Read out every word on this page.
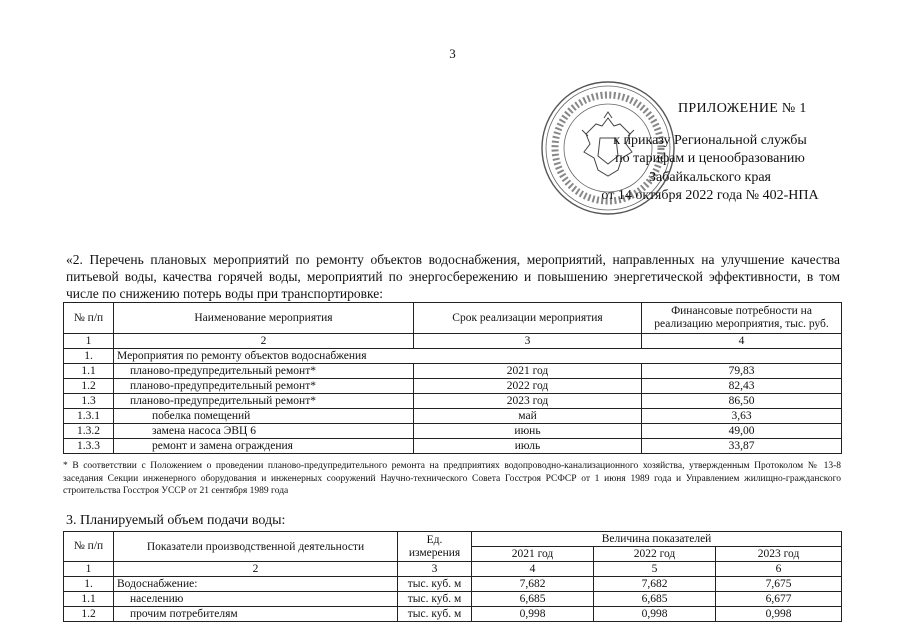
3
ПРИЛОЖЕНИЕ № 1
к приказу Региональной службы
по тарифам и ценообразованию
Забайкальского края
от 14 октября 2022 года № 402-НПА
«2. Перечень плановых мероприятий по ремонту объектов водоснабжения, мероприятий, направленных на улучшение качества питьевой воды, качества горячей воды, мероприятий по энергосбережению и повышению энергетической эффективности, в том числе по снижению потерь воды при транспортировке:
№ п/п	Наименование мероприятия	Срок реализации мероприятия	Финансовые потребности на реализацию мероприятия, тыс. руб.
1	2	3	4
1.	Мероприятия по ремонту объектов водоснабжения		
1.1	планово-предупредительный ремонт*	2021 год	79,83
1.2	планово-предупредительный ремонт*	2022 год	82,43
1.3	планово-предупредительный ремонт*	2023 год	86,50
1.3.1	побелка помещений	май	3,63
1.3.2	замена насоса ЭВЦ 6	июнь	49,00
1.3.3	ремонт и замена ограждения	июль	33,87
* В соответствии с Положением о проведении планово-предупредительного ремонта на предприятиях водопроводно-канализационного хозяйства, утвержденным Протоколом № 13-8 заседания Секции инженерного оборудования и инженерных сооружений Научно-технического Совета Госстроя РСФСР от 1 июня 1989 года и Управлением жилищно-гражданского строительства Госстроя УССР от 21 сентября 1989 года
3. Планируемый объем подачи воды:
№ п/п	Показатели производственной деятельности	Ед. измерения	Величина показателей		
			2021 год	2022 год	2023 год
1	2	3	4	5	6
1.	Водоснабжение:	тыс. куб. м	7,682	7,682	7,675
1.1	населению	тыс. куб. м	6,685	6,685	6,677
1.2	прочим потребителям	тыс. куб. м	0,998	0,998	0,998
